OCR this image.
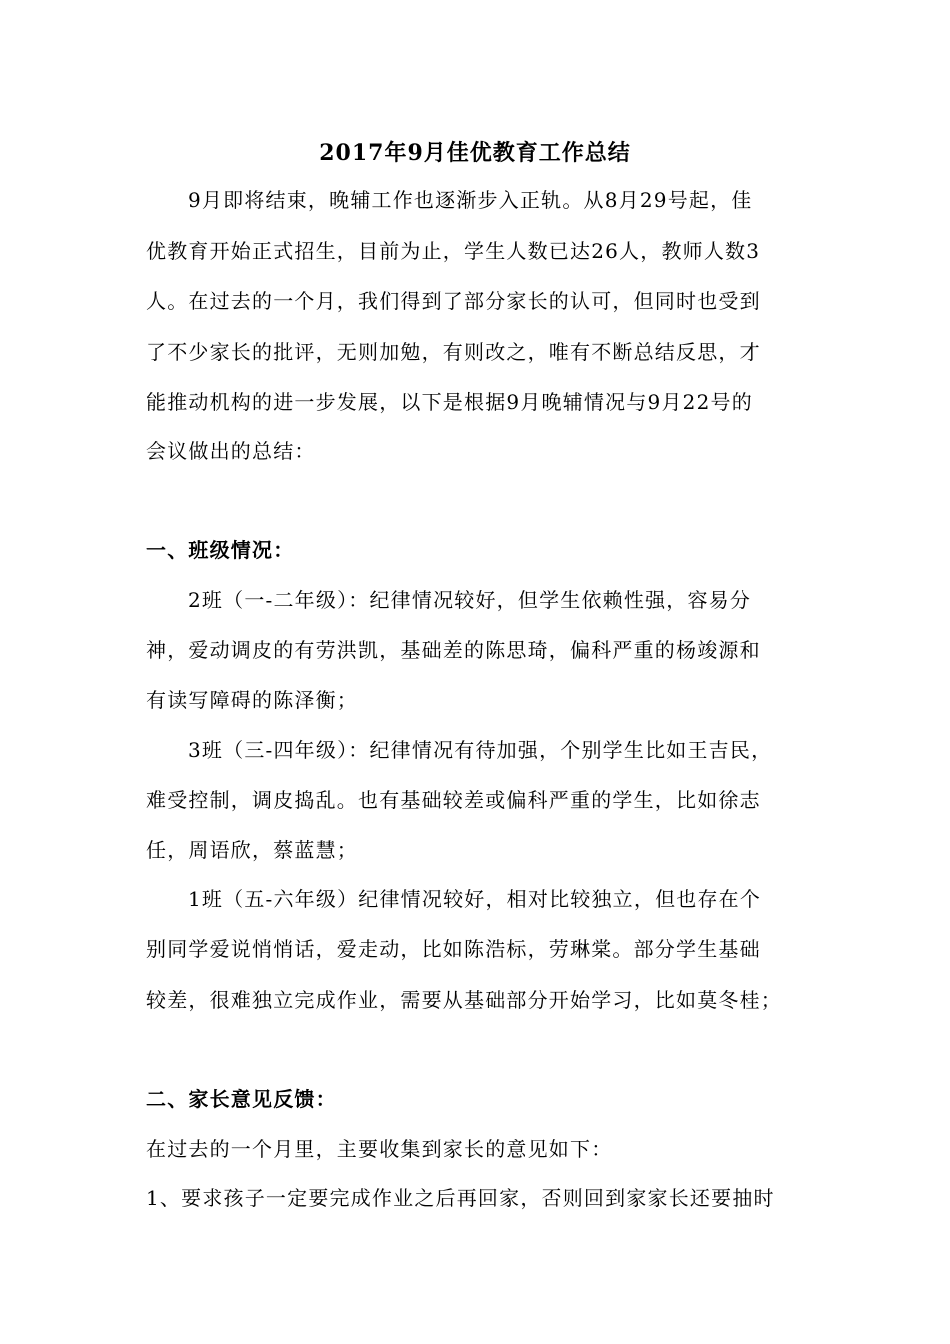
2017年9月佳优教育工作总结
9月即将结束，晚辅工作也逐渐步入正轨。从8月29号起，佳
优教育开始正式招生，目前为止，学生人数已达26人，教师人数3
人。在过去的一个月，我们得到了部分家长的认可，但同时也受到
了不少家长的批评，无则加勉，有则改之，唯有不断总结反思，才
能推动机构的进一步发展，以下是根据9月晚辅情况与9月22号的
会议做出的总结：
一、班级情况：
2班（一-二年级）：纪律情况较好，但学生依赖性强，容易分
神，爱动调皮的有劳洪凯，基础差的陈思琦，偏科严重的杨竣源和
有读写障碍的陈泽衡；
3班（三-四年级）：纪律情况有待加强，个别学生比如王吉民，
难受控制，调皮捣乱。也有基础较差或偏科严重的学生，比如徐志
任，周语欣，蔡蓝慧；
1班（五-六年级）纪律情况较好，相对比较独立，但也存在个
别同学爱说悄悄话，爱走动，比如陈浩标，劳琳棠。部分学生基础
较差，很难独立完成作业，需要从基础部分开始学习，比如莫冬桂；
二、家长意见反馈：
在过去的一个月里，主要收集到家长的意见如下：
1、要求孩子一定要完成作业之后再回家，否则回到家家长还要抽时
